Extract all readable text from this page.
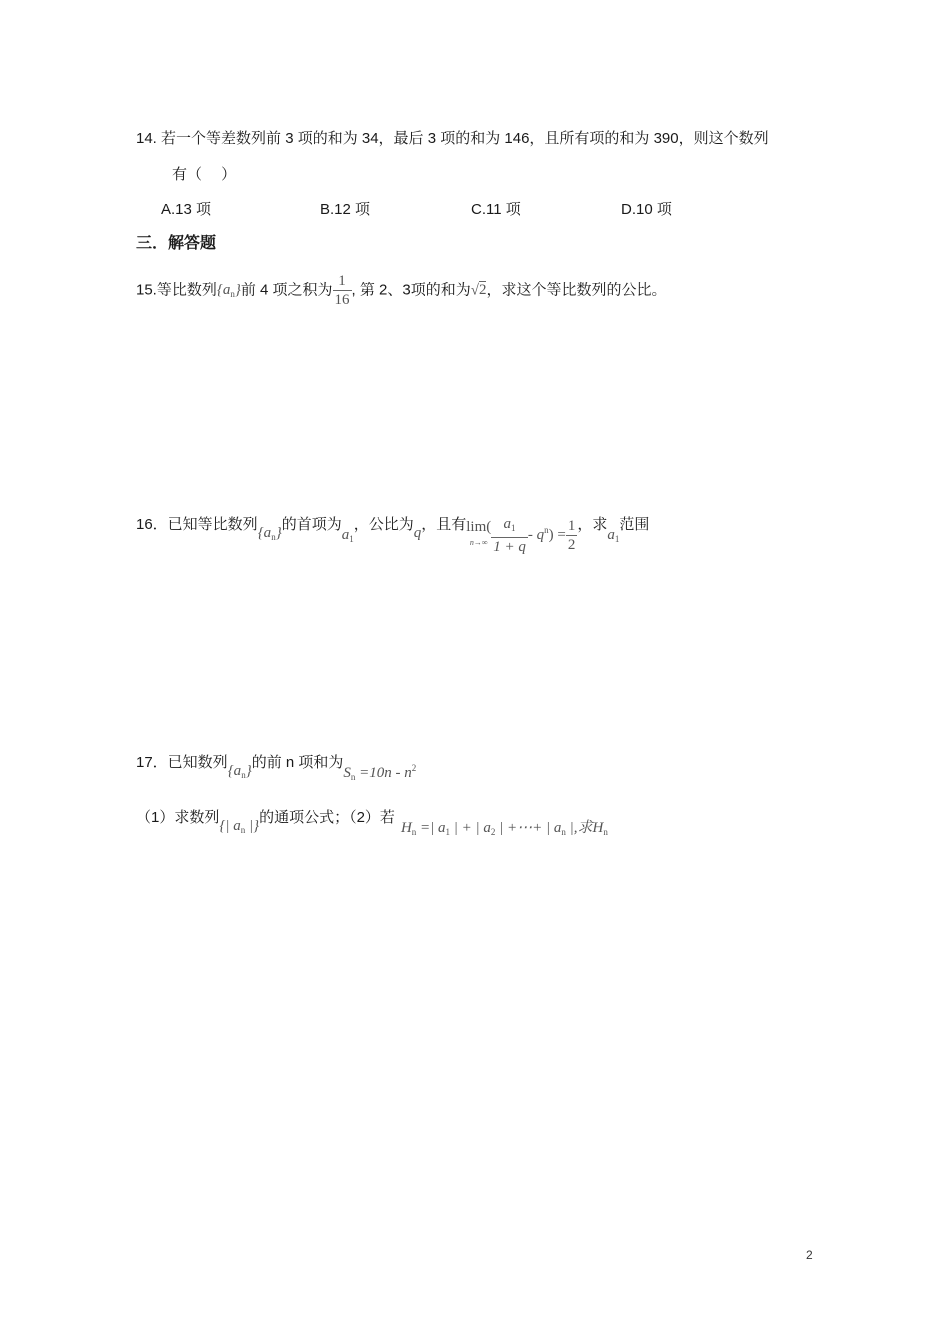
14. 若一个等差数列前 3 项的和为 34，最后 3 项的和为 146，且所有项的和为 390，则这个数列
有（　 ）
A.13 项	B.12 项	C.11 项	D.10 项
三．解答题
15.等比数列$\{a_n\}$前 4 项之积为 $\frac{1}{16}$ , 第 2、3项的和为√2，求这个等比数列的公比。
16．已知等比数列$\{a_n\}$的首项为$a_1$，公比为q，且有 lim(
$n\to\infty \frac{a_1}{1 + q} - q^n) = \frac{1}{2}$ ，求$a_1$范围
17．已知数列$\{a_n\}$的前 n 项和为$S_n =10n - n^2$
（1）求数列{| $a_n$ |}的通项公式；（2）若$H_n$ =| $a_1$ | + | $a_2$ | +⋯+ | $a_n$ |,求$H_n$
2
